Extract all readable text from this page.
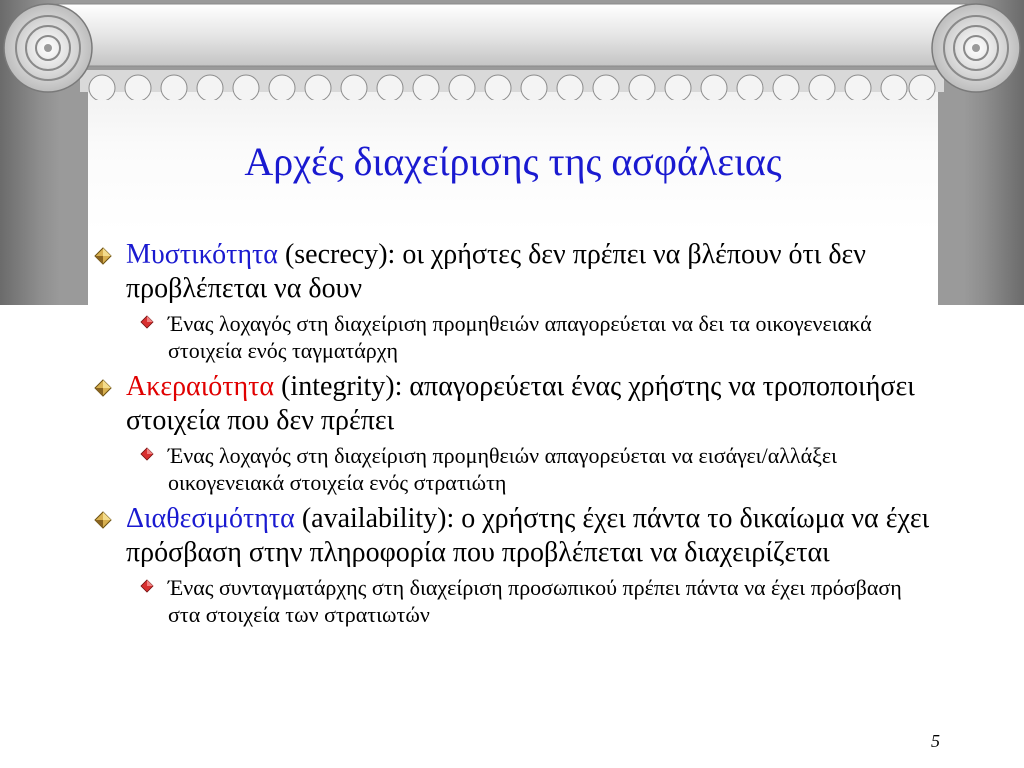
Αρχές διαχείρισης της ασφάλειας
Μυστικότητα (secrecy): οι χρήστες δεν πρέπει να βλέπουν ότι δεν προβλέπεται να δουν
Ένας λοχαγός στη διαχείριση προμηθειών απαγορεύεται να δει τα οικογενειακά στοιχεία ενός ταγματάρχη
Ακεραιότητα (integrity): απαγορεύεται ένας χρήστης να τροποποιήσει στοιχεία που δεν πρέπει
Ένας λοχαγός στη διαχείριση προμηθειών απαγορεύεται να εισάγει/αλλάξει οικογενειακά στοιχεία ενός στρατιώτη
Διαθεσιμότητα (availability): ο χρήστης έχει πάντα το δικαίωμα να έχει πρόσβαση στην πληροφορία που προβλέπεται να διαχειρίζεται
Ένας συνταγματάρχης στη διαχείριση προσωπικού πρέπει πάντα να έχει πρόσβαση στα στοιχεία των στρατιωτών
5
